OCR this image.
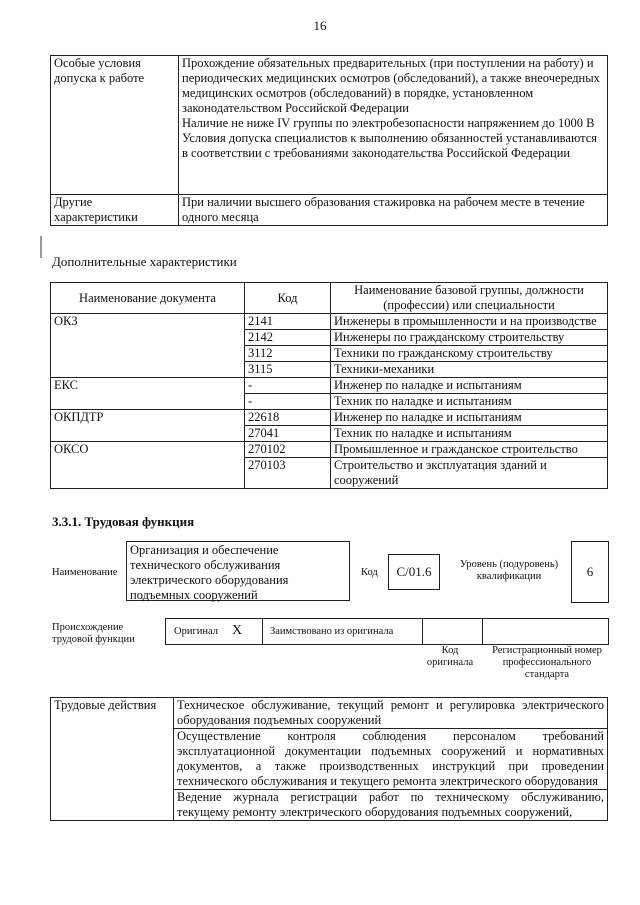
16
Особые условия допуска к работе	Прохождение обязательных предварительных (при поступлении на работу) и периодических медицинских осмотров (обследований), а также внеочередных медицинских осмотров (обследований) в порядке, установленном законодательством Российской Федерации
Наличие не ниже IV группы по электробезопасности напряжением до 1000 В
Условия допуска специалистов к выполнению обязанностей устанавливаются в соответствии с требованиями законодательства Российской Федерации

Другие характеристики	При наличии высшего образования стажировка на рабочем месте в течение одного месяца
Дополнительные характеристики
Наименование документа	Код	Наименование базовой группы, должности (профессии) или специальности
ОКЗ	2141	Инженеры в промышленности и на производстве
	2142	Инженеры по гражданскому строительству
	3112	Техники по гражданскому строительству
	3115	Техники-механики
ЕКС	-	Инженер по наладке и испытаниям
	-	Техник по наладке и испытаниям
ОКПДТР	22618	Инженер по наладке и испытаниям
	27041	Техник по наладке и испытаниям
ОКСО	270102	Промышленное и гражданское строительство
	270103	Строительство и эксплуатация зданий и сооружений
3.3.1. Трудовая функция
Наименование
Организация и обеспечение технического обслуживания электрического оборудования подъемных сооружений
Код	С/01.6	Уровень (подуровень) квалификации	6
Происхождение трудовой функции
Оригинал X	Заимствовано из оригинала
Код оригинала
Регистрационный номер профессионального стандарта
Трудовые действия	Техническое обслуживание, текущий ремонт и регулировка электрического оборудования подъемных сооружений
Осуществление контроля соблюдения персоналом требований эксплуатационной документации подъемных сооружений и нормативных документов, а также производственных инструкций при проведении технического обслуживания и текущего ремонта электрического оборудования
Ведение журнала регистрации работ по техническому обслуживанию, текущему ремонту электрического оборудования подъемных сооружений,
